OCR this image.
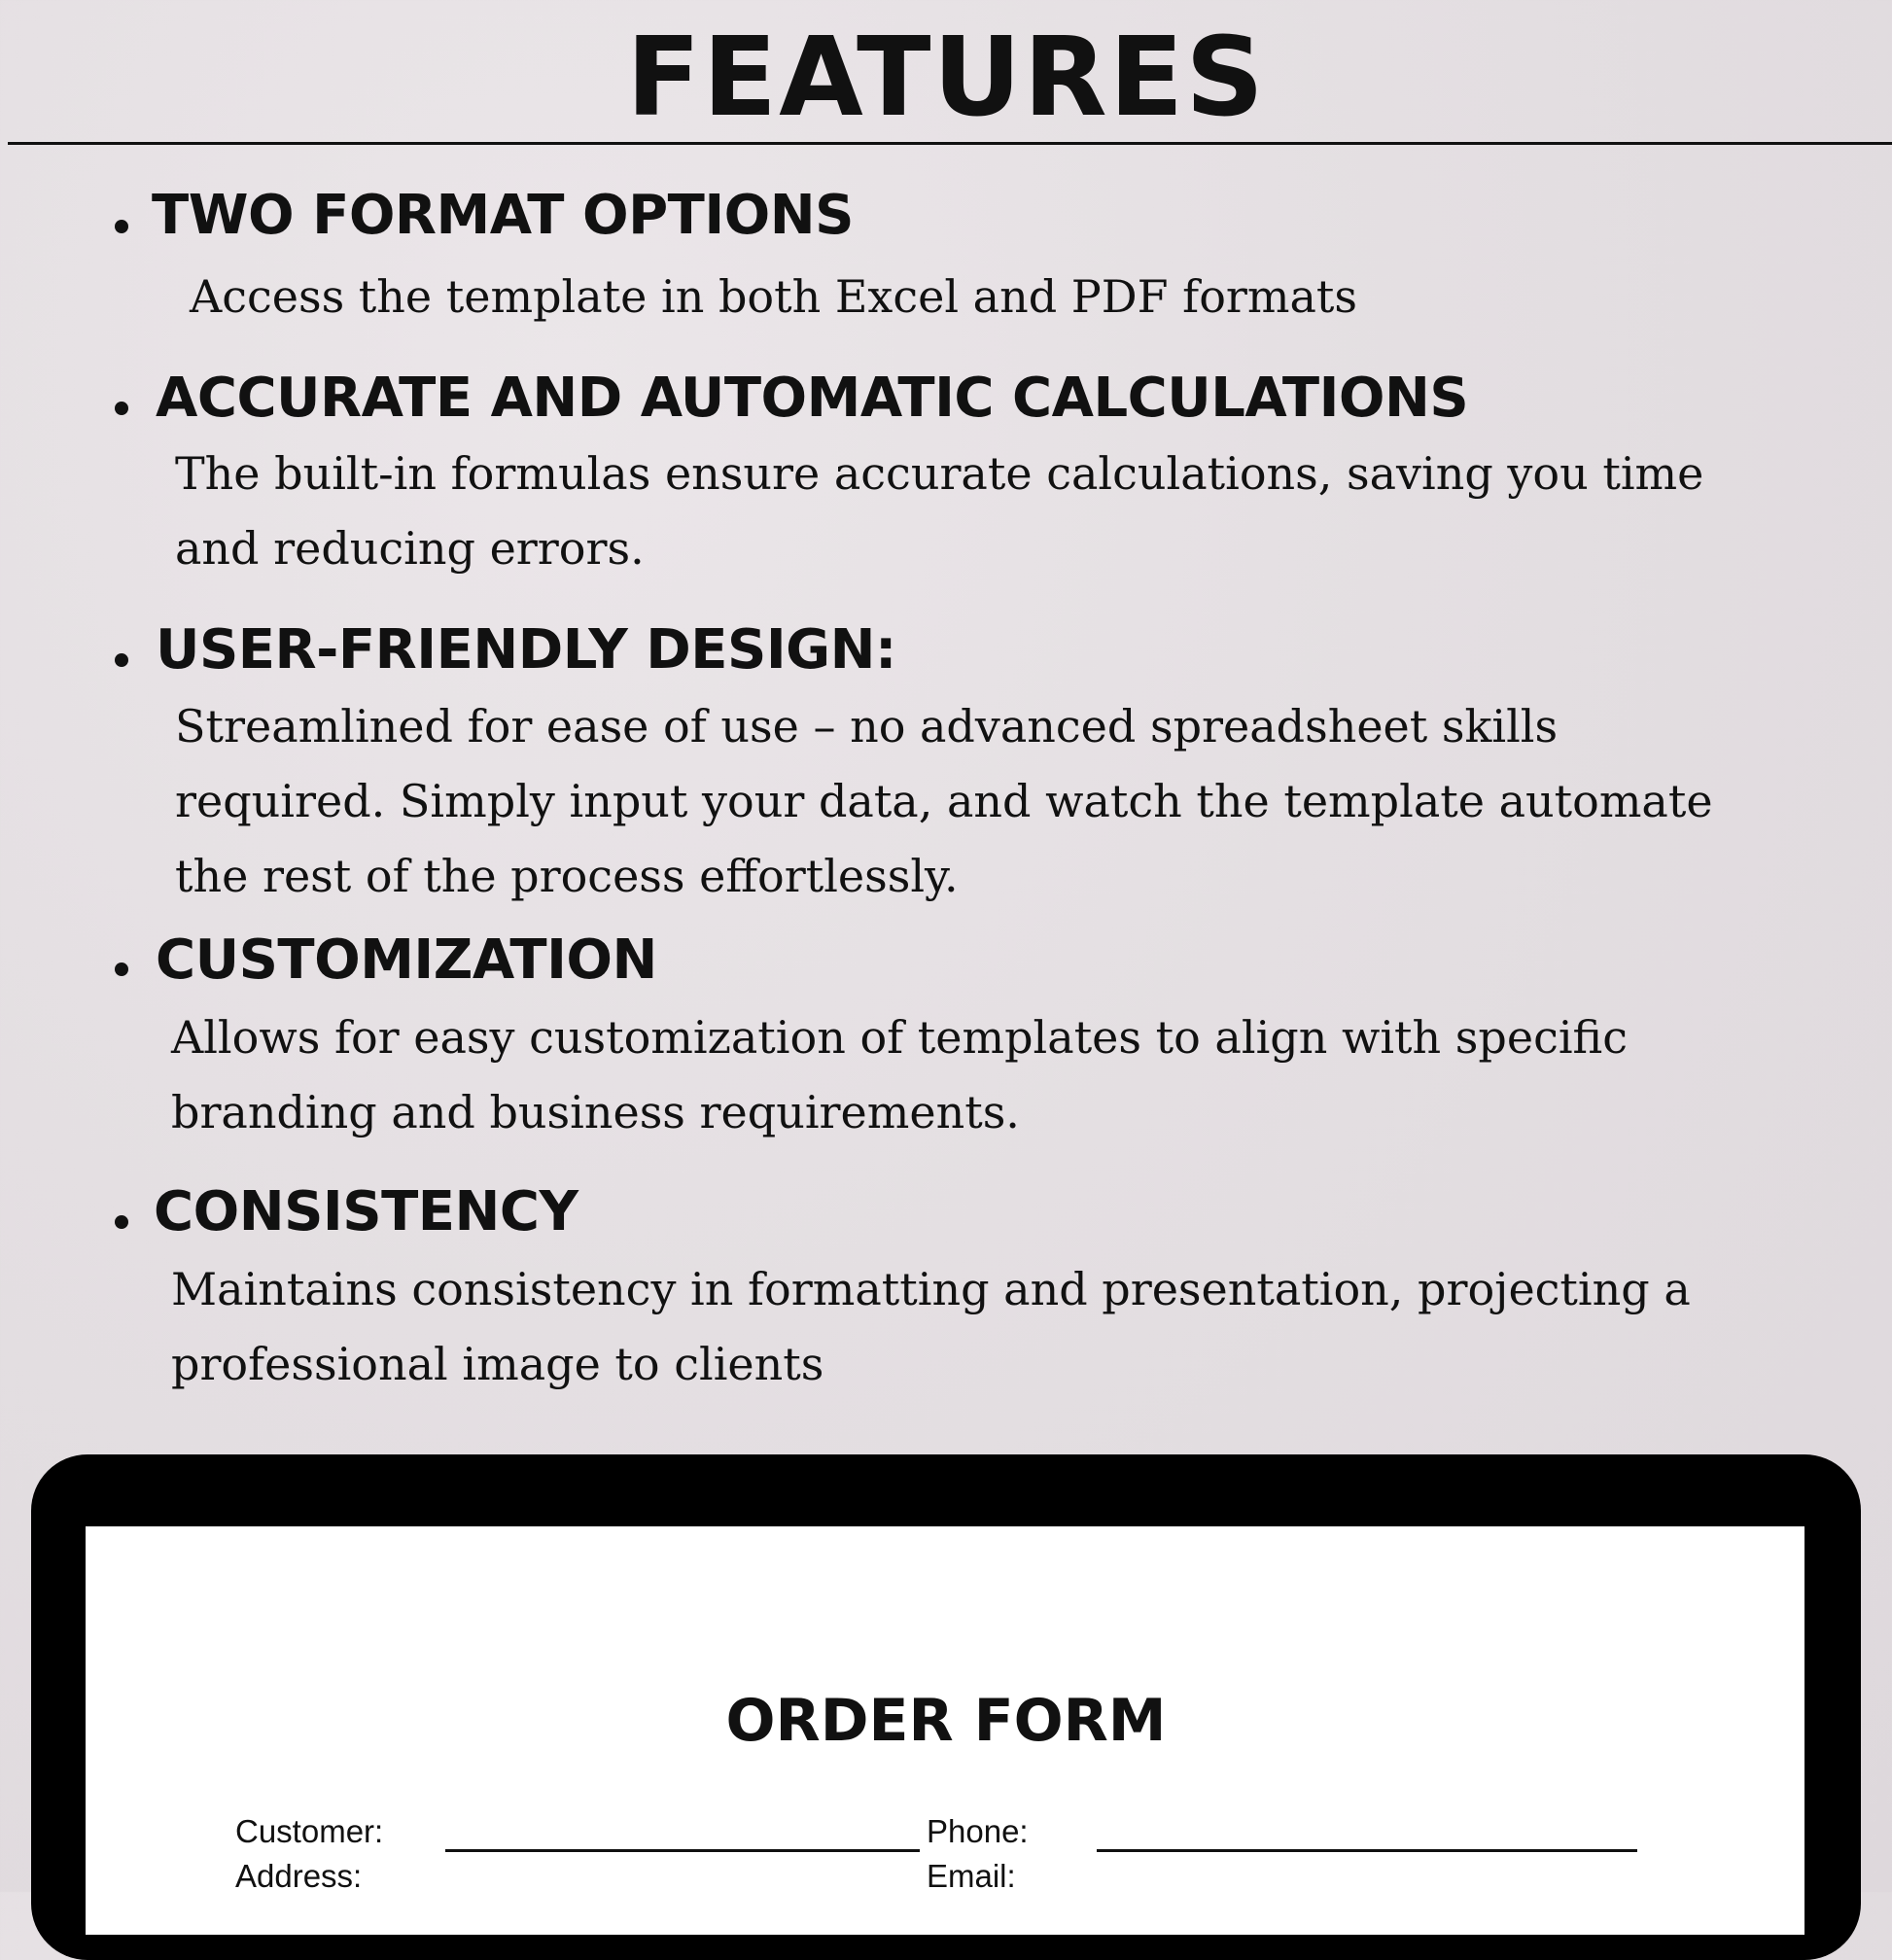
FEATURES
TWO FORMAT OPTIONS
Access the template in both Excel and PDF formats
ACCURATE AND AUTOMATIC CALCULATIONS
The built-in formulas ensure accurate calculations, saving you time
and reducing errors.
USER-FRIENDLY DESIGN:
Streamlined for ease of use – no advanced spreadsheet skills
required. Simply input your data, and watch the template automate
the rest of the process effortlessly.
CUSTOMIZATION
Allows for easy customization of templates to align with specific
branding and business requirements.
CONSISTENCY
Maintains consistency in formatting and presentation, projecting a
professional image to clients
ORDER FORM
Customer:	Phone:
Address:	Email:
